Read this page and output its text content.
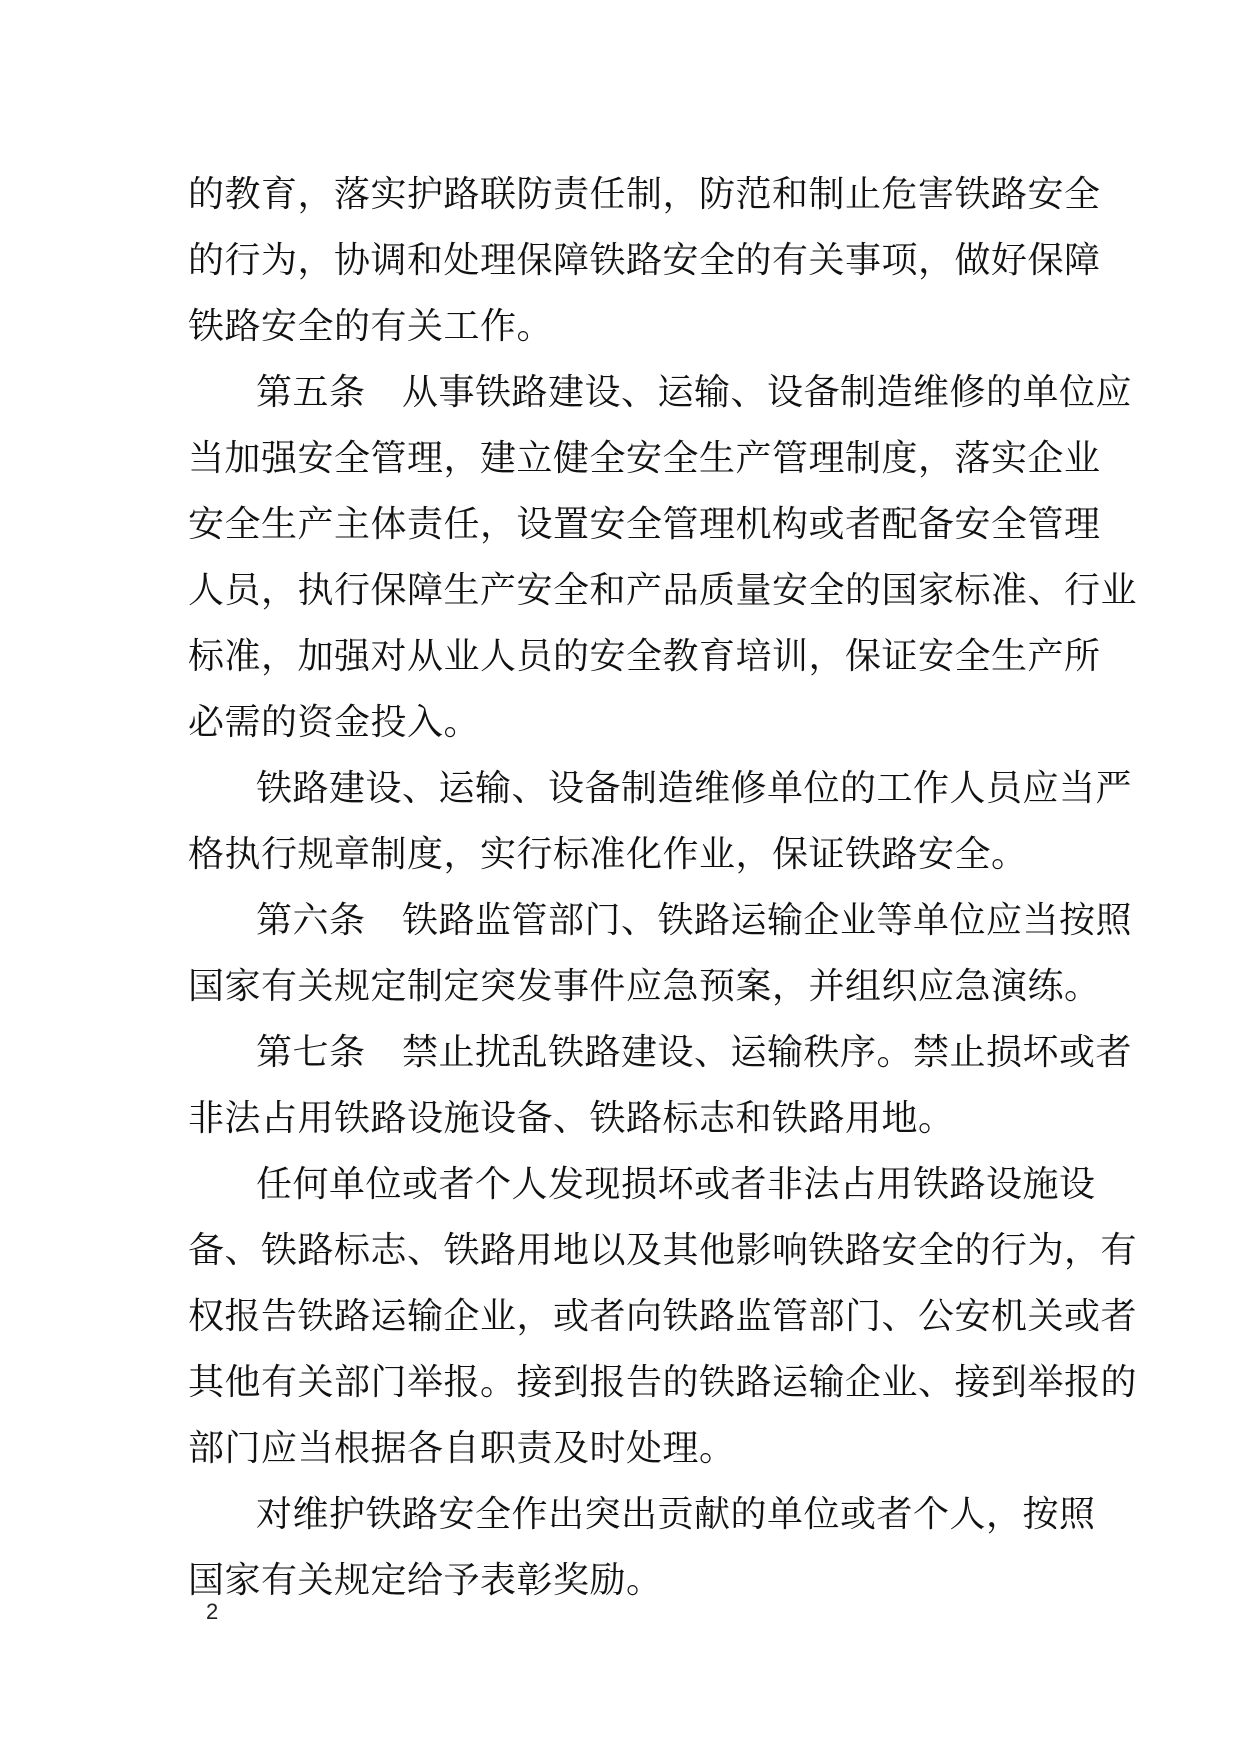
的教育，落实护路联防责任制，防范和制止危害铁路安全
的行为，协调和处理保障铁路安全的有关事项，做好保障
铁路安全的有关工作。
第五条　从事铁路建设、运输、设备制造维修的单位应
当加强安全管理，建立健全安全生产管理制度，落实企业
安全生产主体责任，设置安全管理机构或者配备安全管理
人员，执行保障生产安全和产品质量安全的国家标准、行业
标准，加强对从业人员的安全教育培训，保证安全生产所
必需的资金投入。
铁路建设、运输、设备制造维修单位的工作人员应当严
格执行规章制度，实行标准化作业，保证铁路安全。
第六条　铁路监管部门、铁路运输企业等单位应当按照
国家有关规定制定突发事件应急预案，并组织应急演练。
第七条　禁止扰乱铁路建设、运输秩序。禁止损坏或者
非法占用铁路设施设备、铁路标志和铁路用地。
任何单位或者个人发现损坏或者非法占用铁路设施设
备、铁路标志、铁路用地以及其他影响铁路安全的行为，有
权报告铁路运输企业，或者向铁路监管部门、公安机关或者
其他有关部门举报。接到报告的铁路运输企业、接到举报的
部门应当根据各自职责及时处理。
对维护铁路安全作出突出贡献的单位或者个人，按照
国家有关规定给予表彰奖励。
2
